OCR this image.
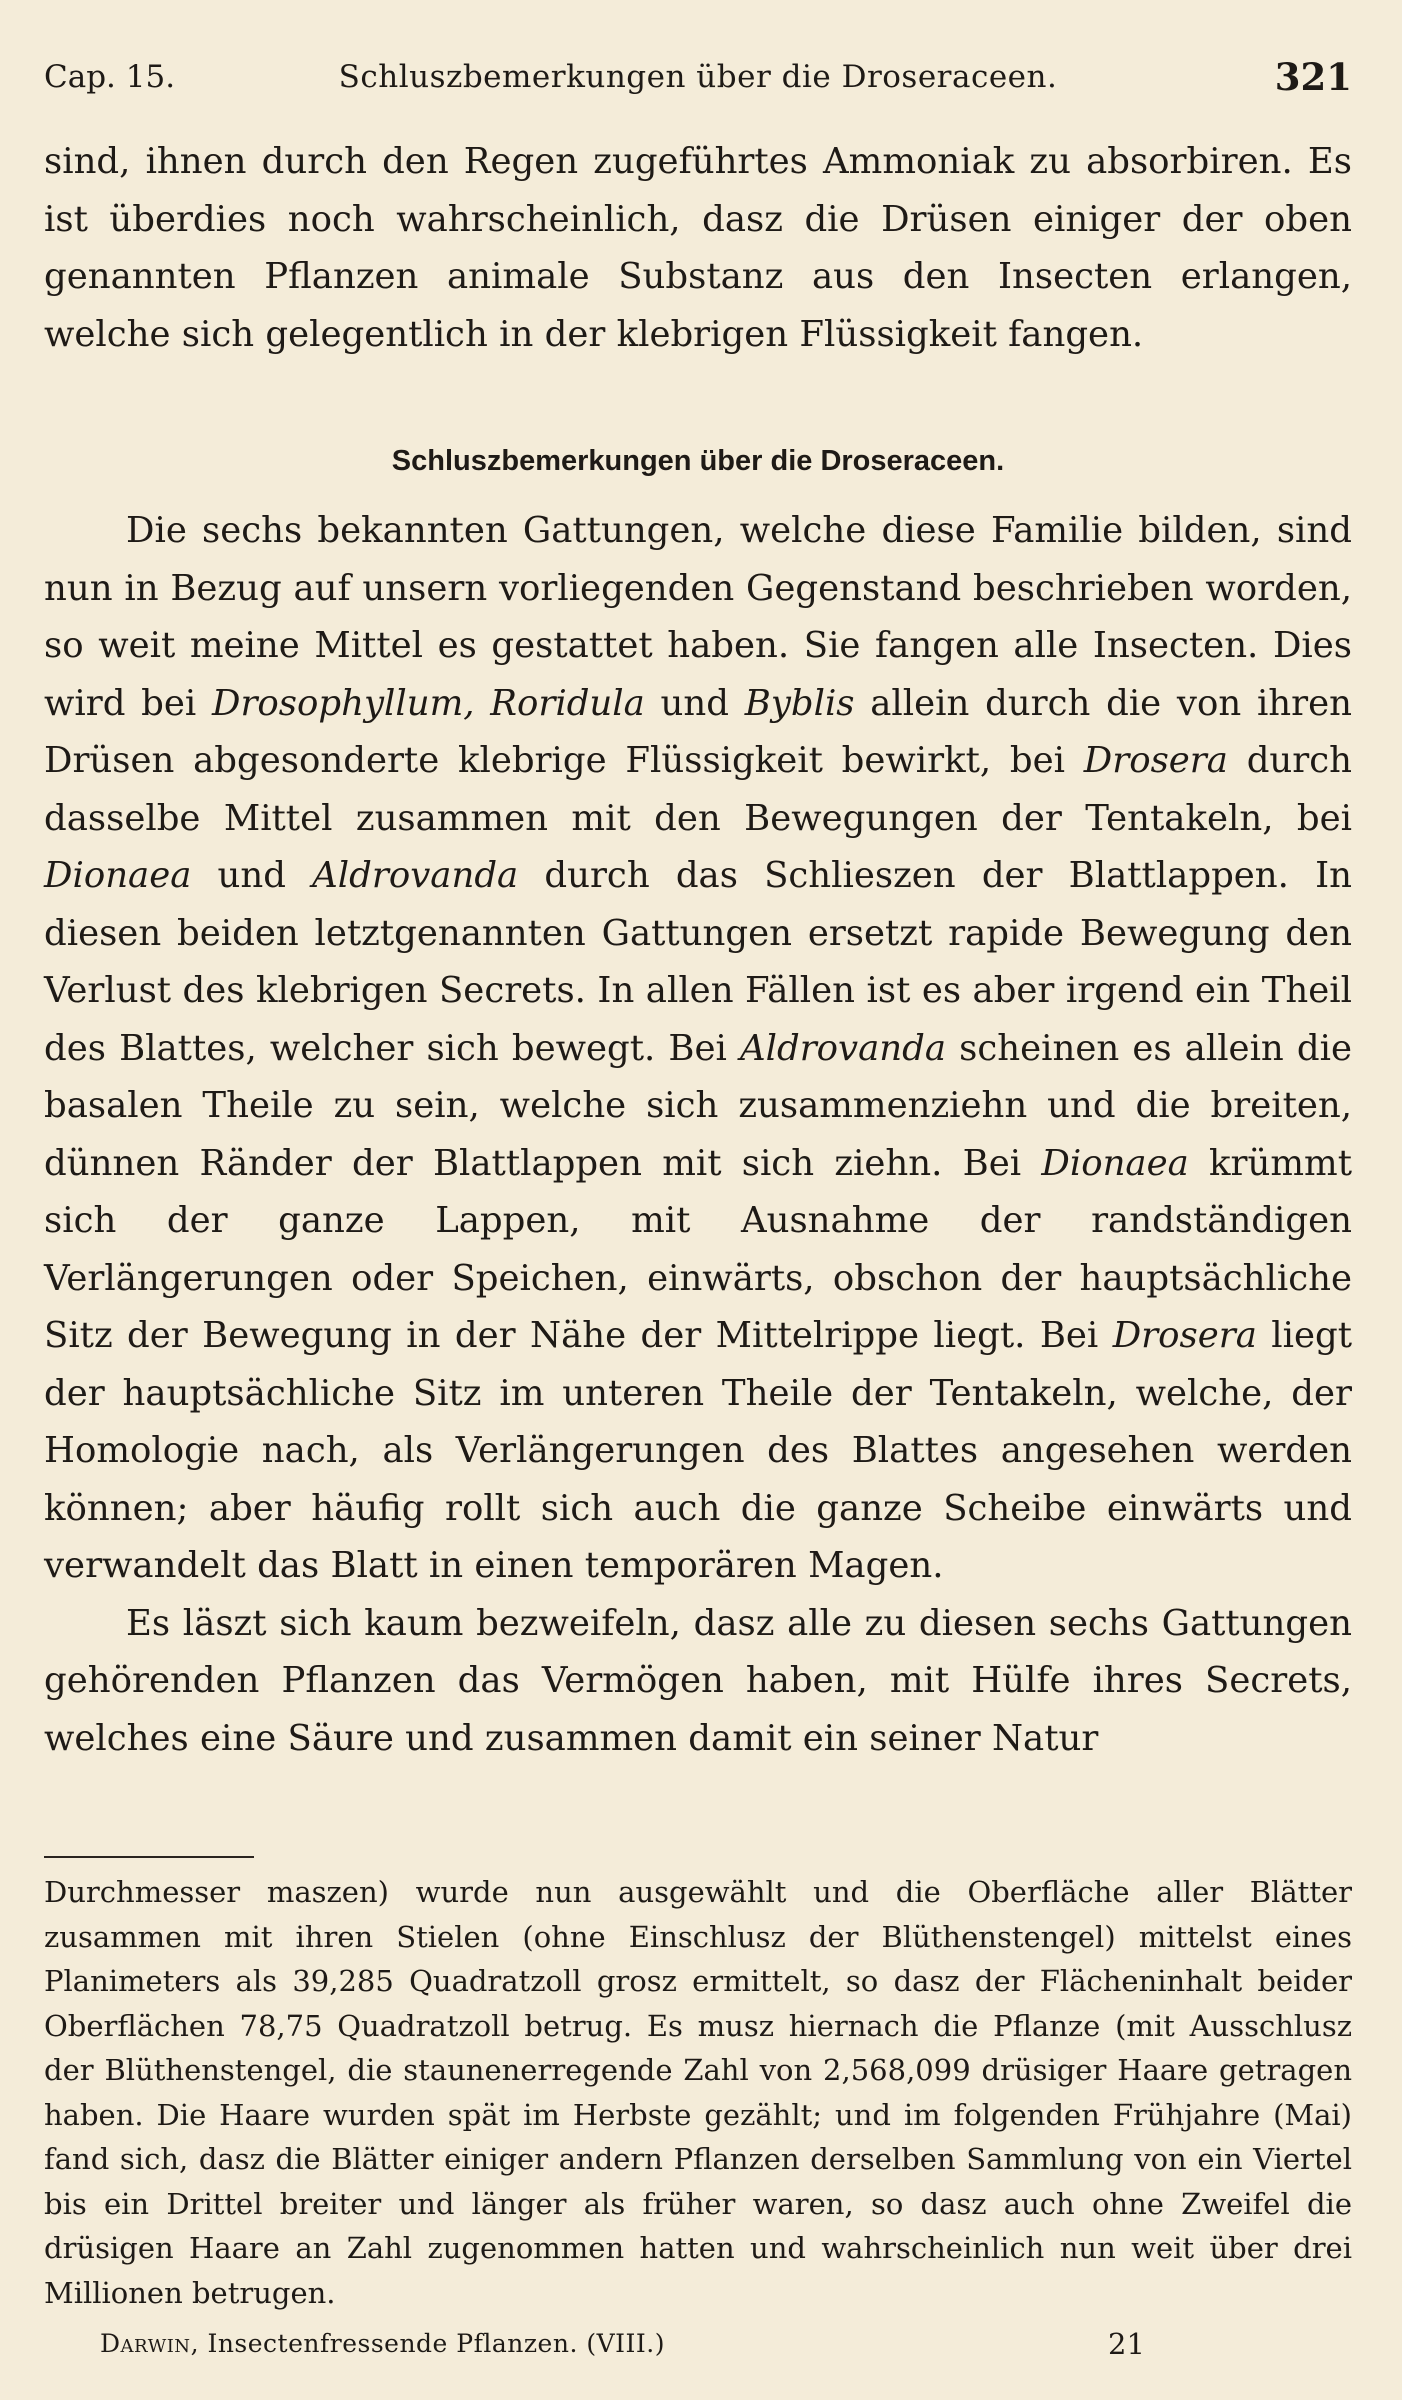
Cap. 15.	Schluszbemerkungen über die Droseraceen.	321

sind, ihnen durch den Regen zugeführtes Ammoniak zu absorbiren. Es ist überdies noch wahrscheinlich, dasz die Drüsen einiger der oben genannten Pflanzen animale Substanz aus den Insecten erlangen, welche sich gelegentlich in der klebrigen Flüssigkeit fangen.

Schluszbemerkungen über die Droseraceen.

Die sechs bekannten Gattungen, welche diese Familie bilden, sind nun in Bezug auf unsern vorliegenden Gegenstand beschrieben worden, so weit meine Mittel es gestattet haben. Sie fangen alle Insecten. Dies wird bei Drosophyllum, Roridula und Byblis allein durch die von ihren Drüsen abgesonderte klebrige Flüssigkeit bewirkt, bei Drosera durch dasselbe Mittel zusammen mit den Bewegungen der Tentakeln, bei Dionaea und Aldrovanda durch das Schlieszen der Blattlappen. In diesen beiden letztgenannten Gattungen ersetzt rapide Bewegung den Verlust des klebrigen Secrets. In allen Fällen ist es aber irgend ein Theil des Blattes, welcher sich bewegt. Bei Aldrovanda scheinen es allein die basalen Theile zu sein, welche sich zusammenziehn und die breiten, dünnen Ränder der Blattlappen mit sich ziehn. Bei Dionaea krümmt sich der ganze Lappen, mit Ausnahme der randständigen Verlängerungen oder Speichen, einwärts, obschon der hauptsächliche Sitz der Bewegung in der Nähe der Mittelrippe liegt. Bei Drosera liegt der hauptsächliche Sitz im unteren Theile der Tentakeln, welche, der Homologie nach, als Verlängerungen des Blattes angesehen werden können; aber häufig rollt sich auch die ganze Scheibe einwärts und verwandelt das Blatt in einen temporären Magen.

Es läszt sich kaum bezweifeln, dasz alle zu diesen sechs Gattungen gehörenden Pflanzen das Vermögen haben, mit Hülfe ihres Secrets, welches eine Säure und zusammen damit ein seiner Natur

Durchmesser maszen) wurde nun ausgewählt und die Oberfläche aller Blätter zusammen mit ihren Stielen (ohne Einschlusz der Blüthenstengel) mittelst eines Planimeters als 39,285 Quadratzoll grosz ermittelt, so dasz der Flächeninhalt beider Oberflächen 78,75 Quadratzoll betrug. Es musz hiernach die Pflanze (mit Ausschlusz der Blüthenstengel, die staunenerregende Zahl von 2,568,099 drüsiger Haare getragen haben. Die Haare wurden spät im Herbste gezählt; und im folgenden Frühjahre (Mai) fand sich, dasz die Blätter einiger andern Pflanzen derselben Sammlung von ein Viertel bis ein Drittel breiter und länger als früher waren, so dasz auch ohne Zweifel die drüsigen Haare an Zahl zugenommen hatten und wahrscheinlich nun weit über drei Millionen betrugen.
Darwin, Insectenfressende Pflanzen. (VIII.)	21
